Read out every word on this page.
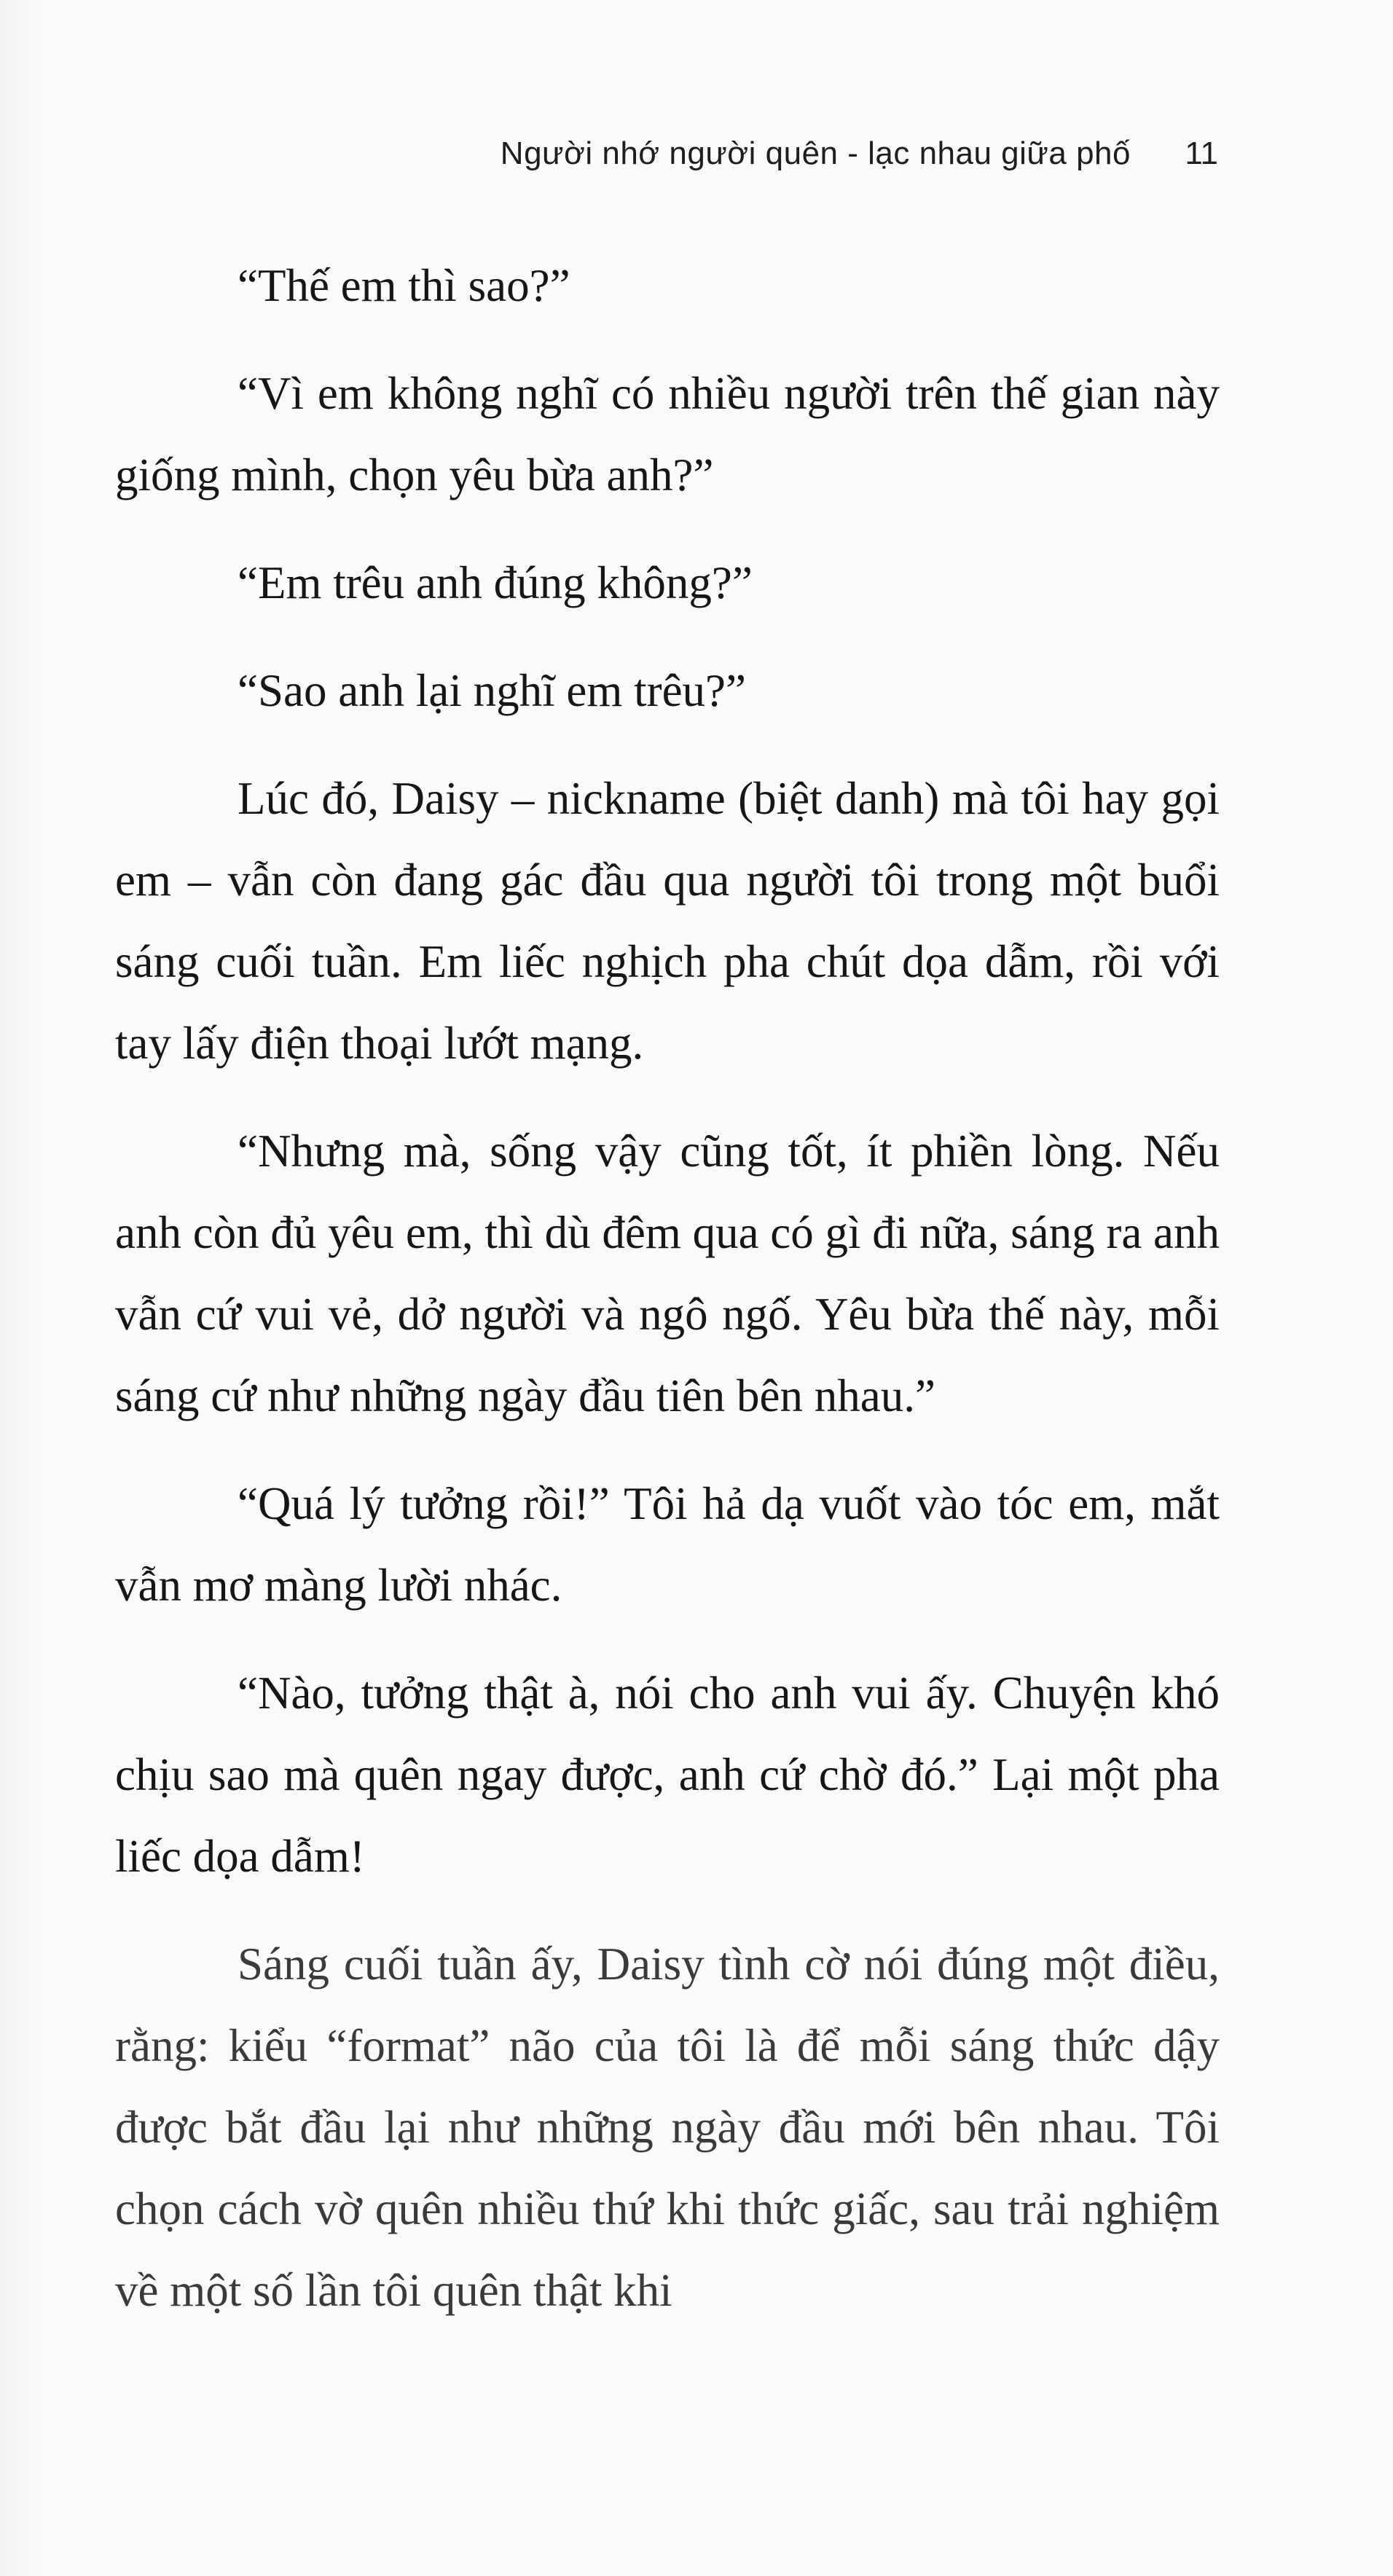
Người nhớ người quên - lạc nhau giữa phố 11

“Thế em thì sao?”

“Vì em không nghĩ có nhiều người trên thế gian này giống mình, chọn yêu bừa anh?”

“Em trêu anh đúng không?”

“Sao anh lại nghĩ em trêu?”

Lúc đó, Daisy – nickname (biệt danh) mà tôi hay gọi em – vẫn còn đang gác đầu qua người tôi trong một buổi sáng cuối tuần. Em liếc nghịch pha chút dọa dẫm, rồi với tay lấy điện thoại lướt mạng.

“Nhưng mà, sống vậy cũng tốt, ít phiền lòng. Nếu anh còn đủ yêu em, thì dù đêm qua có gì đi nữa, sáng ra anh vẫn cứ vui vẻ, dở người và ngô ngố. Yêu bừa thế này, mỗi sáng cứ như những ngày đầu tiên bên nhau.”

“Quá lý tưởng rồi!” Tôi hả dạ vuốt vào tóc em, mắt vẫn mơ màng lười nhác.

“Nào, tưởng thật à, nói cho anh vui ấy. Chuyện khó chịu sao mà quên ngay được, anh cứ chờ đó.” Lại một pha liếc dọa dẫm!

Sáng cuối tuần ấy, Daisy tình cờ nói đúng một điều, rằng: kiểu “format” não của tôi là để mỗi sáng thức dậy được bắt đầu lại như những ngày đầu mới bên nhau. Tôi chọn cách vờ quên nhiều thứ khi thức giấc, sau trải nghiệm về một số lần tôi quên thật khi
